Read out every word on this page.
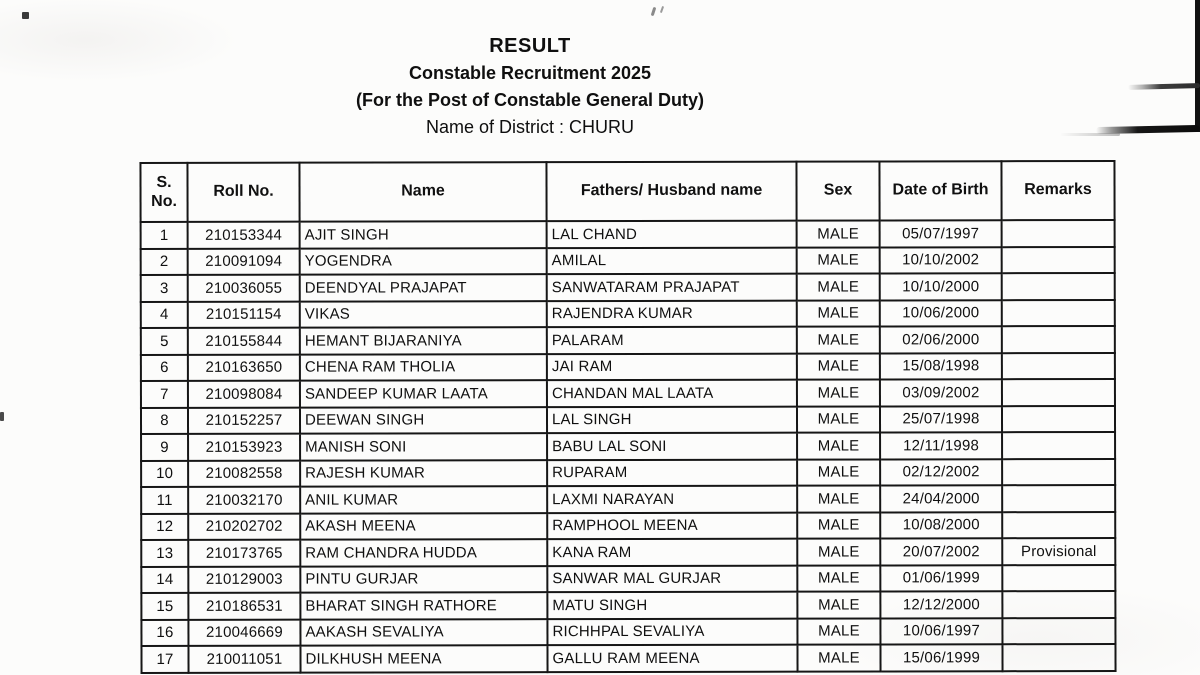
RESULT
Constable Recruitment 2025
(For the Post of Constable General Duty)
Name of District : CHURU
S. No.	Roll No.	Name	Fathers/ Husband name	Sex	Date of Birth	Remarks
1	210153344	AJIT SINGH	LAL CHAND	MALE	05/07/1997	
2	210091094	YOGENDRA	AMILAL	MALE	10/10/2002	
3	210036055	DEENDYAL PRAJAPAT	SANWATARAM PRAJAPAT	MALE	10/10/2000	
4	210151154	VIKAS	RAJENDRA KUMAR	MALE	10/06/2000	
5	210155844	HEMANT BIJARANIYA	PALARAM	MALE	02/06/2000	
6	210163650	CHENA RAM THOLIA	JAI RAM	MALE	15/08/1998	
7	210098084	SANDEEP KUMAR LAATA	CHANDAN MAL LAATA	MALE	03/09/2002	
8	210152257	DEEWAN SINGH	LAL SINGH	MALE	25/07/1998	
9	210153923	MANISH SONI	BABU LAL SONI	MALE	12/11/1998	
10	210082558	RAJESH KUMAR	RUPARAM	MALE	02/12/2002	
11	210032170	ANIL KUMAR	LAXMI NARAYAN	MALE	24/04/2000	
12	210202702	AKASH MEENA	RAMPHOOL MEENA	MALE	10/08/2000	
13	210173765	RAM CHANDRA HUDDA	KANA RAM	MALE	20/07/2002	Provisional
14	210129003	PINTU GURJAR	SANWAR MAL GURJAR	MALE	01/06/1999	
15	210186531	BHARAT SINGH RATHORE	MATU SINGH	MALE	12/12/2000	
16	210046669	AAKASH SEVALIYA	RICHHPAL SEVALIYA	MALE	10/06/1997	
17	210011051	DILKHUSH MEENA	GALLU RAM MEENA	MALE	15/06/1999	
